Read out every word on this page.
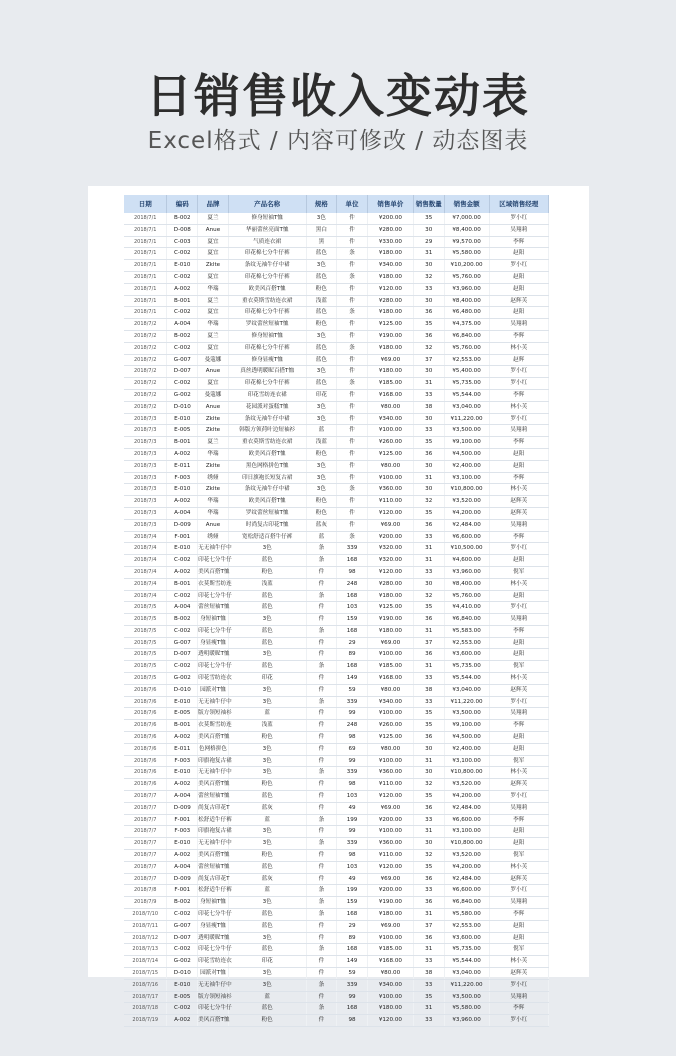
日销售收入变动表
Excel格式 / 内容可修改 / 动态图表
日期	编码	品牌	产品名称	规格	单位	销售单价	销售数量	销售金额	区域销售经理
2018/7/1	B-002	夏兰	修身短袖T恤	3色	件	¥200.00	35	¥7,000.00	罗小红
2018/7/1	D-008	Anue	华丽蕾丝亮面T恤	黑白	件	¥280.00	30	¥8,400.00	吴翔莉
2018/7/1	C-003	夏宜	气质连衣裙	黑	件	¥330.00	29	¥9,570.00	李辉
2018/7/1	C-002	夏宜	印花棉七分牛仔裤	蓝色	条	¥180.00	31	¥5,580.00	赵阳
2018/7/1	E-010	Zklte	条纹无袖牛仔中裙	3色	件	¥340.00	30	¥10,200.00	罗小红
2018/7/1	C-002	夏宜	印花棉七分牛仔裤	蓝色	条	¥180.00	32	¥5,760.00	赵阳
2018/7/1	A-002	华瑞	欧美风百搭T恤	粉色	件	¥120.00	33	¥3,960.00	赵阳
2018/7/1	B-001	夏兰	重衣莫斯雪纺连衣裙	浅蓝	件	¥280.00	30	¥8,400.00	赵辉芙
2018/7/1	C-002	夏宜	印花棉七分牛仔裤	蓝色	条	¥180.00	36	¥6,480.00	赵阳
2018/7/2	A-004	华瑞	罗纹蕾丝短袖T恤	粉色	件	¥125.00	35	¥4,375.00	吴翔莉
2018/7/2	B-002	夏兰	修身短袖T恤	3色	件	¥190.00	36	¥6,840.00	李辉
2018/7/2	C-002	夏宜	印花棉七分牛仔裤	蓝色	条	¥180.00	32	¥5,760.00	林小芙
2018/7/2	G-007	曼蔻娜	修身显瘦T恤	蓝色	件	¥69.00	37	¥2,553.00	赵辉
2018/7/2	D-007	Anue	真丝透明暖昵百搭T恤	3色	件	¥180.00	30	¥5,400.00	罗小红
2018/7/2	C-002	夏宜	印花棉七分牛仔裤	蓝色	条	¥185.00	31	¥5,735.00	罗小红
2018/7/2	G-002	曼蔻娜	印花雪纺连衣裙	印花	件	¥168.00	33	¥5,544.00	李辉
2018/7/2	D-010	Anue	花园派对蛋糕T恤	3色	件	¥80.00	38	¥3,040.00	林小芙
2018/7/3	E-010	Zklte	条纹无袖牛仔中裙	3色	件	¥340.00	30	¥11,220.00	罗小红
2018/7/3	E-005	Zklte	韩版方领荷叶边短袖衫	蓝	件	¥100.00	33	¥3,500.00	吴翔莉
2018/7/3	B-001	夏兰	重衣莫斯雪纺连衣裙	浅蓝	件	¥260.00	35	¥9,100.00	李辉
2018/7/3	A-002	华瑞	欧美风百搭T恤	粉色	件	¥125.00	36	¥4,500.00	赵阳
2018/7/3	E-011	Zklte	黑色网格拼色T恤	3色	件	¥80.00	30	¥2,400.00	赵阳
2018/7/3	F-003	绣娅	印日旗袍长短复古裙	3色	件	¥100.00	31	¥3,100.00	李辉
2018/7/3	E-010	Zklte	条纹无袖牛仔中裙	3色	条	¥360.00	30	¥10,800.00	林小芙
2018/7/3	A-002	华瑞	欧美风百搭T恤	粉色	件	¥110.00	32	¥3,520.00	赵辉芙
2018/7/3	A-004	华瑞	罗纹蕾丝短袖T恤	粉色	件	¥120.00	35	¥4,200.00	赵辉芙
2018/7/3	D-009	Anue	时尚复古印花T恤	蓝灰	件	¥69.00	36	¥2,484.00	吴翔莉
2018/7/4	F-001	绣娅	宽松舒适百搭牛仔裤	蓝	条	¥200.00	33	¥6,600.00	李辉
2018/7/4	E-010	无无袖牛仔中	3色	条	339	¥320.00	31	¥10,500.00	罗小红
2018/7/4	C-002	印花七分牛仔	蓝色	条	168	¥320.00	31	¥4,600.00	赵阳
2018/7/4	A-002	美风百搭T恤	粉色	件	98	¥120.00	33	¥3,960.00	倪军
2018/7/4	B-001	衣莫斯雪纺连	浅蓝	件	248	¥280.00	30	¥8,400.00	林小芙
2018/7/4	C-002	印花七分牛仔	蓝色	条	168	¥180.00	32	¥5,760.00	赵阳
2018/7/5	A-004	蕾丝短袖T恤	蓝色	件	103	¥125.00	35	¥4,410.00	罗小红
2018/7/5	B-002	身短袖T恤	3色	件	159	¥190.00	36	¥6,840.00	吴翔莉
2018/7/5	C-002	印花七分牛仔	蓝色	条	168	¥180.00	31	¥5,583.00	李辉
2018/7/5	G-007	身显瘦T恤	蓝色	件	29	¥69.00	37	¥2,553.00	赵阳
2018/7/5	D-007	透明暖昵T恤	3色	件	89	¥100.00	36	¥3,600.00	赵阳
2018/7/5	C-002	印花七分牛仔	蓝色	条	168	¥185.00	31	¥5,735.00	倪军
2018/7/5	G-002	印花雪纺连衣	印花	件	149	¥168.00	33	¥5,544.00	林小芙
2018/7/6	D-010	园派对T恤	3色	件	59	¥80.00	38	¥3,040.00	赵辉芙
2018/7/6	E-010	无无袖牛仔中	3色	条	339	¥340.00	33	¥11,220.00	罗小红
2018/7/6	E-005	版方领短袖衫	蓝	件	99	¥100.00	35	¥3,500.00	吴翔莉
2018/7/6	B-001	衣莫斯雪纺连	浅蓝	件	248	¥260.00	35	¥9,100.00	李辉
2018/7/6	A-002	美风百搭T恤	粉色	件	98	¥125.00	36	¥4,500.00	赵阳
2018/7/6	E-011	色网格拼色	3色	件	69	¥80.00	30	¥2,400.00	赵阳
2018/7/6	F-003	印旗袍复古裙	3色	件	99	¥100.00	31	¥3,100.00	倪军
2018/7/6	E-010	无无袖牛仔中	3色	条	339	¥360.00	30	¥10,800.00	林小芙
2018/7/6	A-002	美风百搭T恤	粉色	件	98	¥110.00	32	¥3,520.00	赵辉芙
2018/7/7	A-004	蕾丝短袖T恤	蓝色	件	103	¥120.00	35	¥4,200.00	罗小红
2018/7/7	D-009	尚复古印花T	蓝灰	件	49	¥69.00	36	¥2,484.00	吴翔莉
2018/7/7	F-001	松舒适牛仔裤	蓝	条	199	¥200.00	33	¥6,600.00	李辉
2018/7/7	F-003	印旗袍复古裙	3色	件	99	¥100.00	31	¥3,100.00	赵阳
2018/7/7	E-010	无无袖牛仔中	3色	条	339	¥360.00	30	¥10,800.00	赵阳
2018/7/7	A-002	美风百搭T恤	粉色	件	98	¥110.00	32	¥3,520.00	倪军
2018/7/7	A-004	蕾丝短袖T恤	蓝色	件	103	¥120.00	35	¥4,200.00	林小芙
2018/7/7	D-009	尚复古印花T	蓝灰	件	49	¥69.00	36	¥2,484.00	赵辉芙
2018/7/8	F-001	松舒适牛仔裤	蓝	条	199	¥200.00	33	¥6,600.00	罗小红
2018/7/9	B-002	身短袖T恤	3色	条	159	¥190.00	36	¥6,840.00	吴翔莉
2018/7/10	C-002	印花七分牛仔	蓝色	条	168	¥180.00	31	¥5,580.00	李辉
2018/7/11	G-007	身显瘦T恤	蓝色	件	29	¥69.00	37	¥2,553.00	赵阳
2018/7/12	D-007	透明暖昵T恤	3色	件	89	¥100.00	36	¥3,600.00	赵阳
2018/7/13	C-002	印花七分牛仔	蓝色	条	168	¥185.00	31	¥5,735.00	倪军
2018/7/14	G-002	印花雪纺连衣	印花	件	149	¥168.00	33	¥5,544.00	林小芙
2018/7/15	D-010	园派对T恤	3色	件	59	¥80.00	38	¥3,040.00	赵辉芙
2018/7/16	E-010	无无袖牛仔中	3色	条	339	¥340.00	33	¥11,220.00	罗小红
2018/7/17	E-005	版方领短袖衫	蓝	件	99	¥100.00	35	¥3,500.00	吴翔莉
2018/7/18	C-002	印花七分牛仔	蓝色	条	168	¥180.00	31	¥5,580.00	李辉
2018/7/19	A-002	美风百搭T恤	粉色	件	98	¥120.00	33	¥3,960.00	罗小红
